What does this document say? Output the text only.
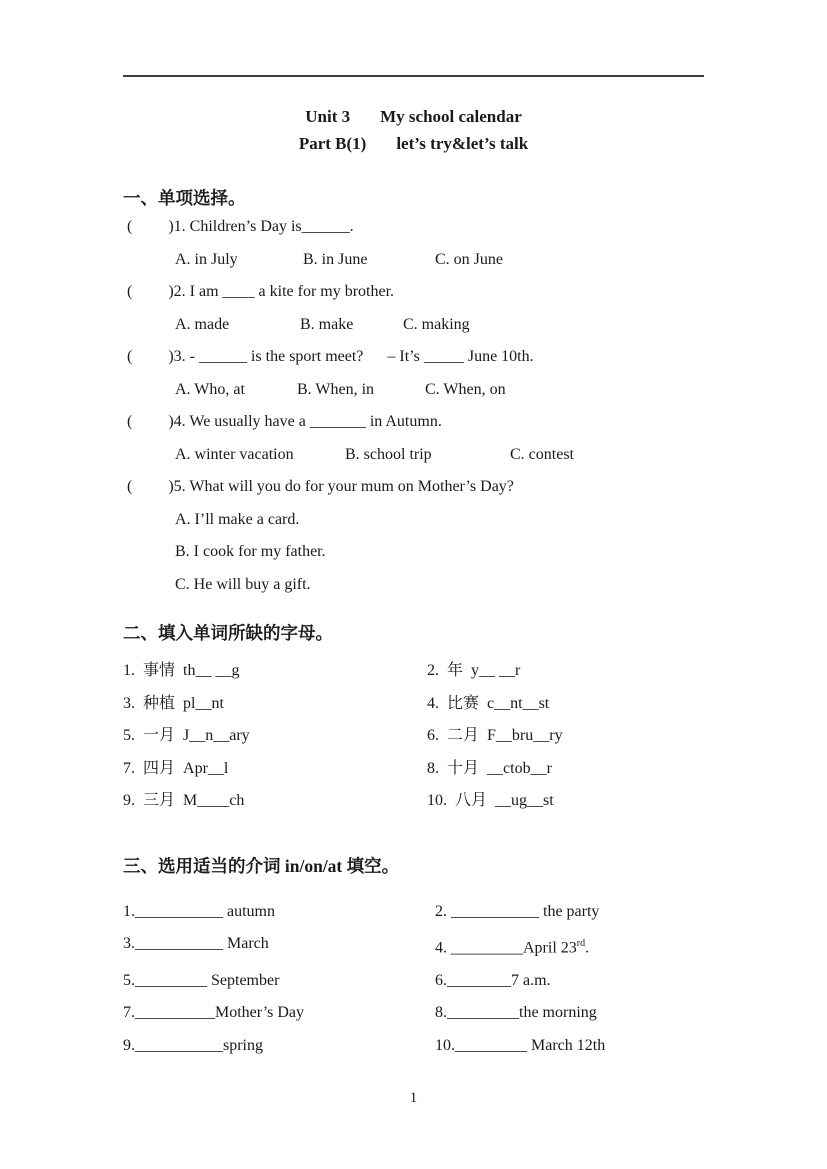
Unit 3 My school calendar
Part B(1) let’s try&let’s talk
一、单项选择。
(         )1. Children’s Day is______.
A. in July	B. in June	C. on June
(         )2. I am ____ a kite for my brother.
A. made	B. make	C. making
(         )3. - ______ is the sport meet?      – It’s _____ June 10th.
A. Who, at	B. When, in	C. When, on
(         )4. We usually have a _______ in Autumn.
A. winter vacation	B. school trip	C. contest
(         )5. What will you do for your mum on Mother’s Day?
A. I’ll make a card.
B. I cook for my father.
C. He will buy a gift.
二、填入单词所缺的字母。
1. 事情 th__ __g	2. 年 y__ __r
3. 种植 pl__nt	4. 比赛 c__nt__st
5. 一月 J__n__ary	6. 二月 F__bru__ry
7. 四月 Apr__l	8. 十月 __ctob__r
9. 三月 M____ch	10. 八月 __ug__st
三、选用适当的介词 in/on/at 填空。
1.___________ autumn	2. ___________ the party
3.___________ March	4. _________April 23rd.
5._________ September	6.________7 a.m.
7.__________Mother’s Day	8._________the morning
9.___________spring	10._________ March 12th
1
